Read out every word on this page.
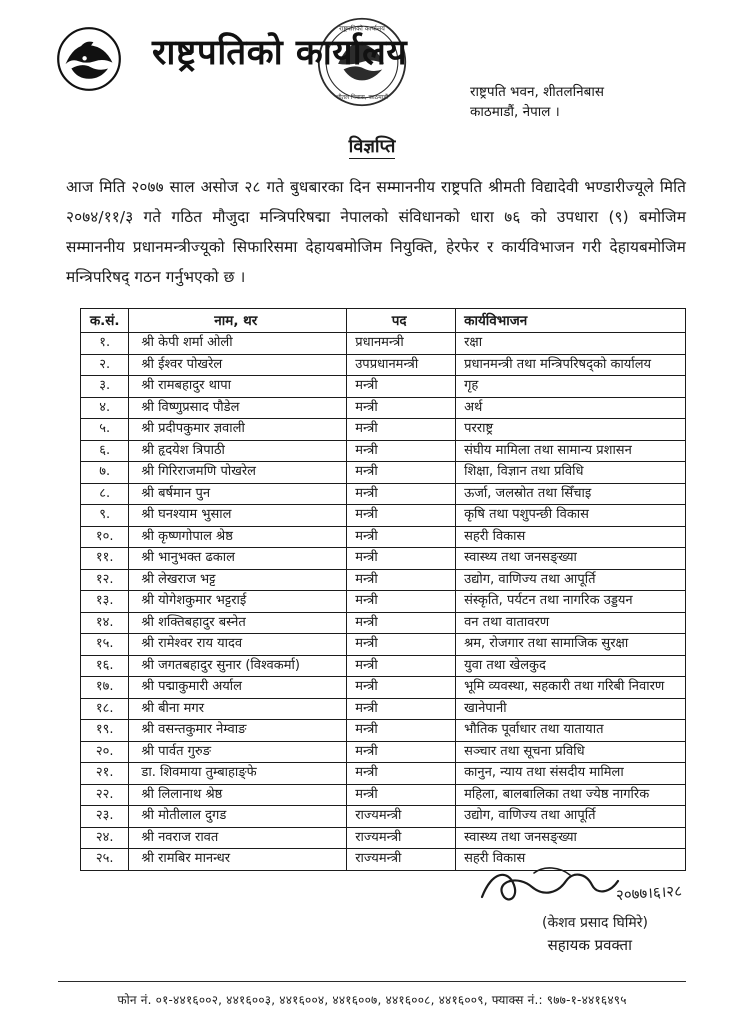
राष्ट्रपतिको कार्यालय
शीतल निवास, काठमाडौं
राष्ट्रपतिको कार्यालय
राष्ट्रपति भवन, शीतलनिबास
काठमाडौं, नेपाल ।
विज्ञप्ति

आज मिति २०७७ साल असोज २८ गते बुधबारका दिन सम्माननीय राष्ट्रपति श्रीमती विद्यादेवी भण्डारीज्यूले मिति २०७४/११/३ गते गठित मौजुदा मन्त्रिपरिषद्मा नेपालको संविधानको धारा ७६ को उपधारा (९) बमोजिम सम्माननीय प्रधानमन्त्रीज्यूको सिफारिसमा देहायबमोजिम नियुक्ति, हेरफेर र कार्यविभाजन गरी देहायबमोजिम मन्त्रिपरिषद् गठन गर्नुभएको छ ।

क.सं.	नाम, थर	पद	कार्यविभाजन
१.	श्री केपी शर्मा ओली	प्रधानमन्त्री	रक्षा
२.	श्री ईश्वर पोखरेल	उपप्रधानमन्त्री	प्रधानमन्त्री तथा मन्त्रिपरिषद्को कार्यालय
३.	श्री रामबहादुर थापा	मन्त्री	गृह
४.	श्री विष्णुप्रसाद पौडेल	मन्त्री	अर्थ
५.	श्री प्रदीपकुमार ज्ञवाली	मन्त्री	परराष्ट्र
६.	श्री हृदयेश त्रिपाठी	मन्त्री	संघीय मामिला तथा सामान्य प्रशासन
७.	श्री गिरिराजमणि पोखरेल	मन्त्री	शिक्षा, विज्ञान तथा प्रविधि
८.	श्री बर्षमान पुन	मन्त्री	ऊर्जा, जलस्रोत तथा सिँचाइ
९.	श्री घनश्याम भुसाल	मन्त्री	कृषि तथा पशुपन्छी विकास
१०.	श्री कृष्णगोपाल श्रेष्ठ	मन्त्री	सहरी विकास
११.	श्री भानुभक्त ढकाल	मन्त्री	स्वास्थ्य तथा जनसङ्ख्या
१२.	श्री लेखराज भट्ट	मन्त्री	उद्योग, वाणिज्य तथा आपूर्ति
१३.	श्री योगेशकुमार भट्टराई	मन्त्री	संस्कृति, पर्यटन तथा नागरिक उड्डयन
१४.	श्री शक्तिबहादुर बस्नेत	मन्त्री	वन तथा वातावरण
१५.	श्री रामेश्वर राय यादव	मन्त्री	श्रम, रोजगार तथा सामाजिक सुरक्षा
१६.	श्री जगतबहादुर सुनार (विश्वकर्मा)	मन्त्री	युवा तथा खेलकुद
१७.	श्री पद्माकुमारी अर्याल	मन्त्री	भूमि व्यवस्था, सहकारी तथा गरिबी निवारण
१८.	श्री बीना मगर	मन्त्री	खानेपानी
१९.	श्री वसन्तकुमार नेम्वाङ	मन्त्री	भौतिक पूर्वाधार तथा यातायात
२०.	श्री पार्वत गुरुङ	मन्त्री	सञ्चार तथा सूचना प्रविधि
२१.	डा. शिवमाया तुम्बाहाङ्फे	मन्त्री	कानुन, न्याय तथा संसदीय मामिला
२२.	श्री लिलानाथ श्रेष्ठ	मन्त्री	महिला, बालबालिका तथा ज्येष्ठ नागरिक
२३.	श्री मोतीलाल दुगड	राज्यमन्त्री	उद्योग, वाणिज्य तथा आपूर्ति
२४.	श्री नवराज रावत	राज्यमन्त्री	स्वास्थ्य तथा जनसङ्ख्या
२५.	श्री रामबिर मानन्धर	राज्यमन्त्री	सहरी विकास
२०७७।६।२८
(केशव प्रसाद घिमिरे)
सहायक प्रवक्ता
फोन नं. ०१-४४१६००२, ४४१६००३, ४४१६००४, ४४१६००७, ४४१६००८, ४४१६००९, फ्याक्स नं.: ९७७-१-४४१६४९५
